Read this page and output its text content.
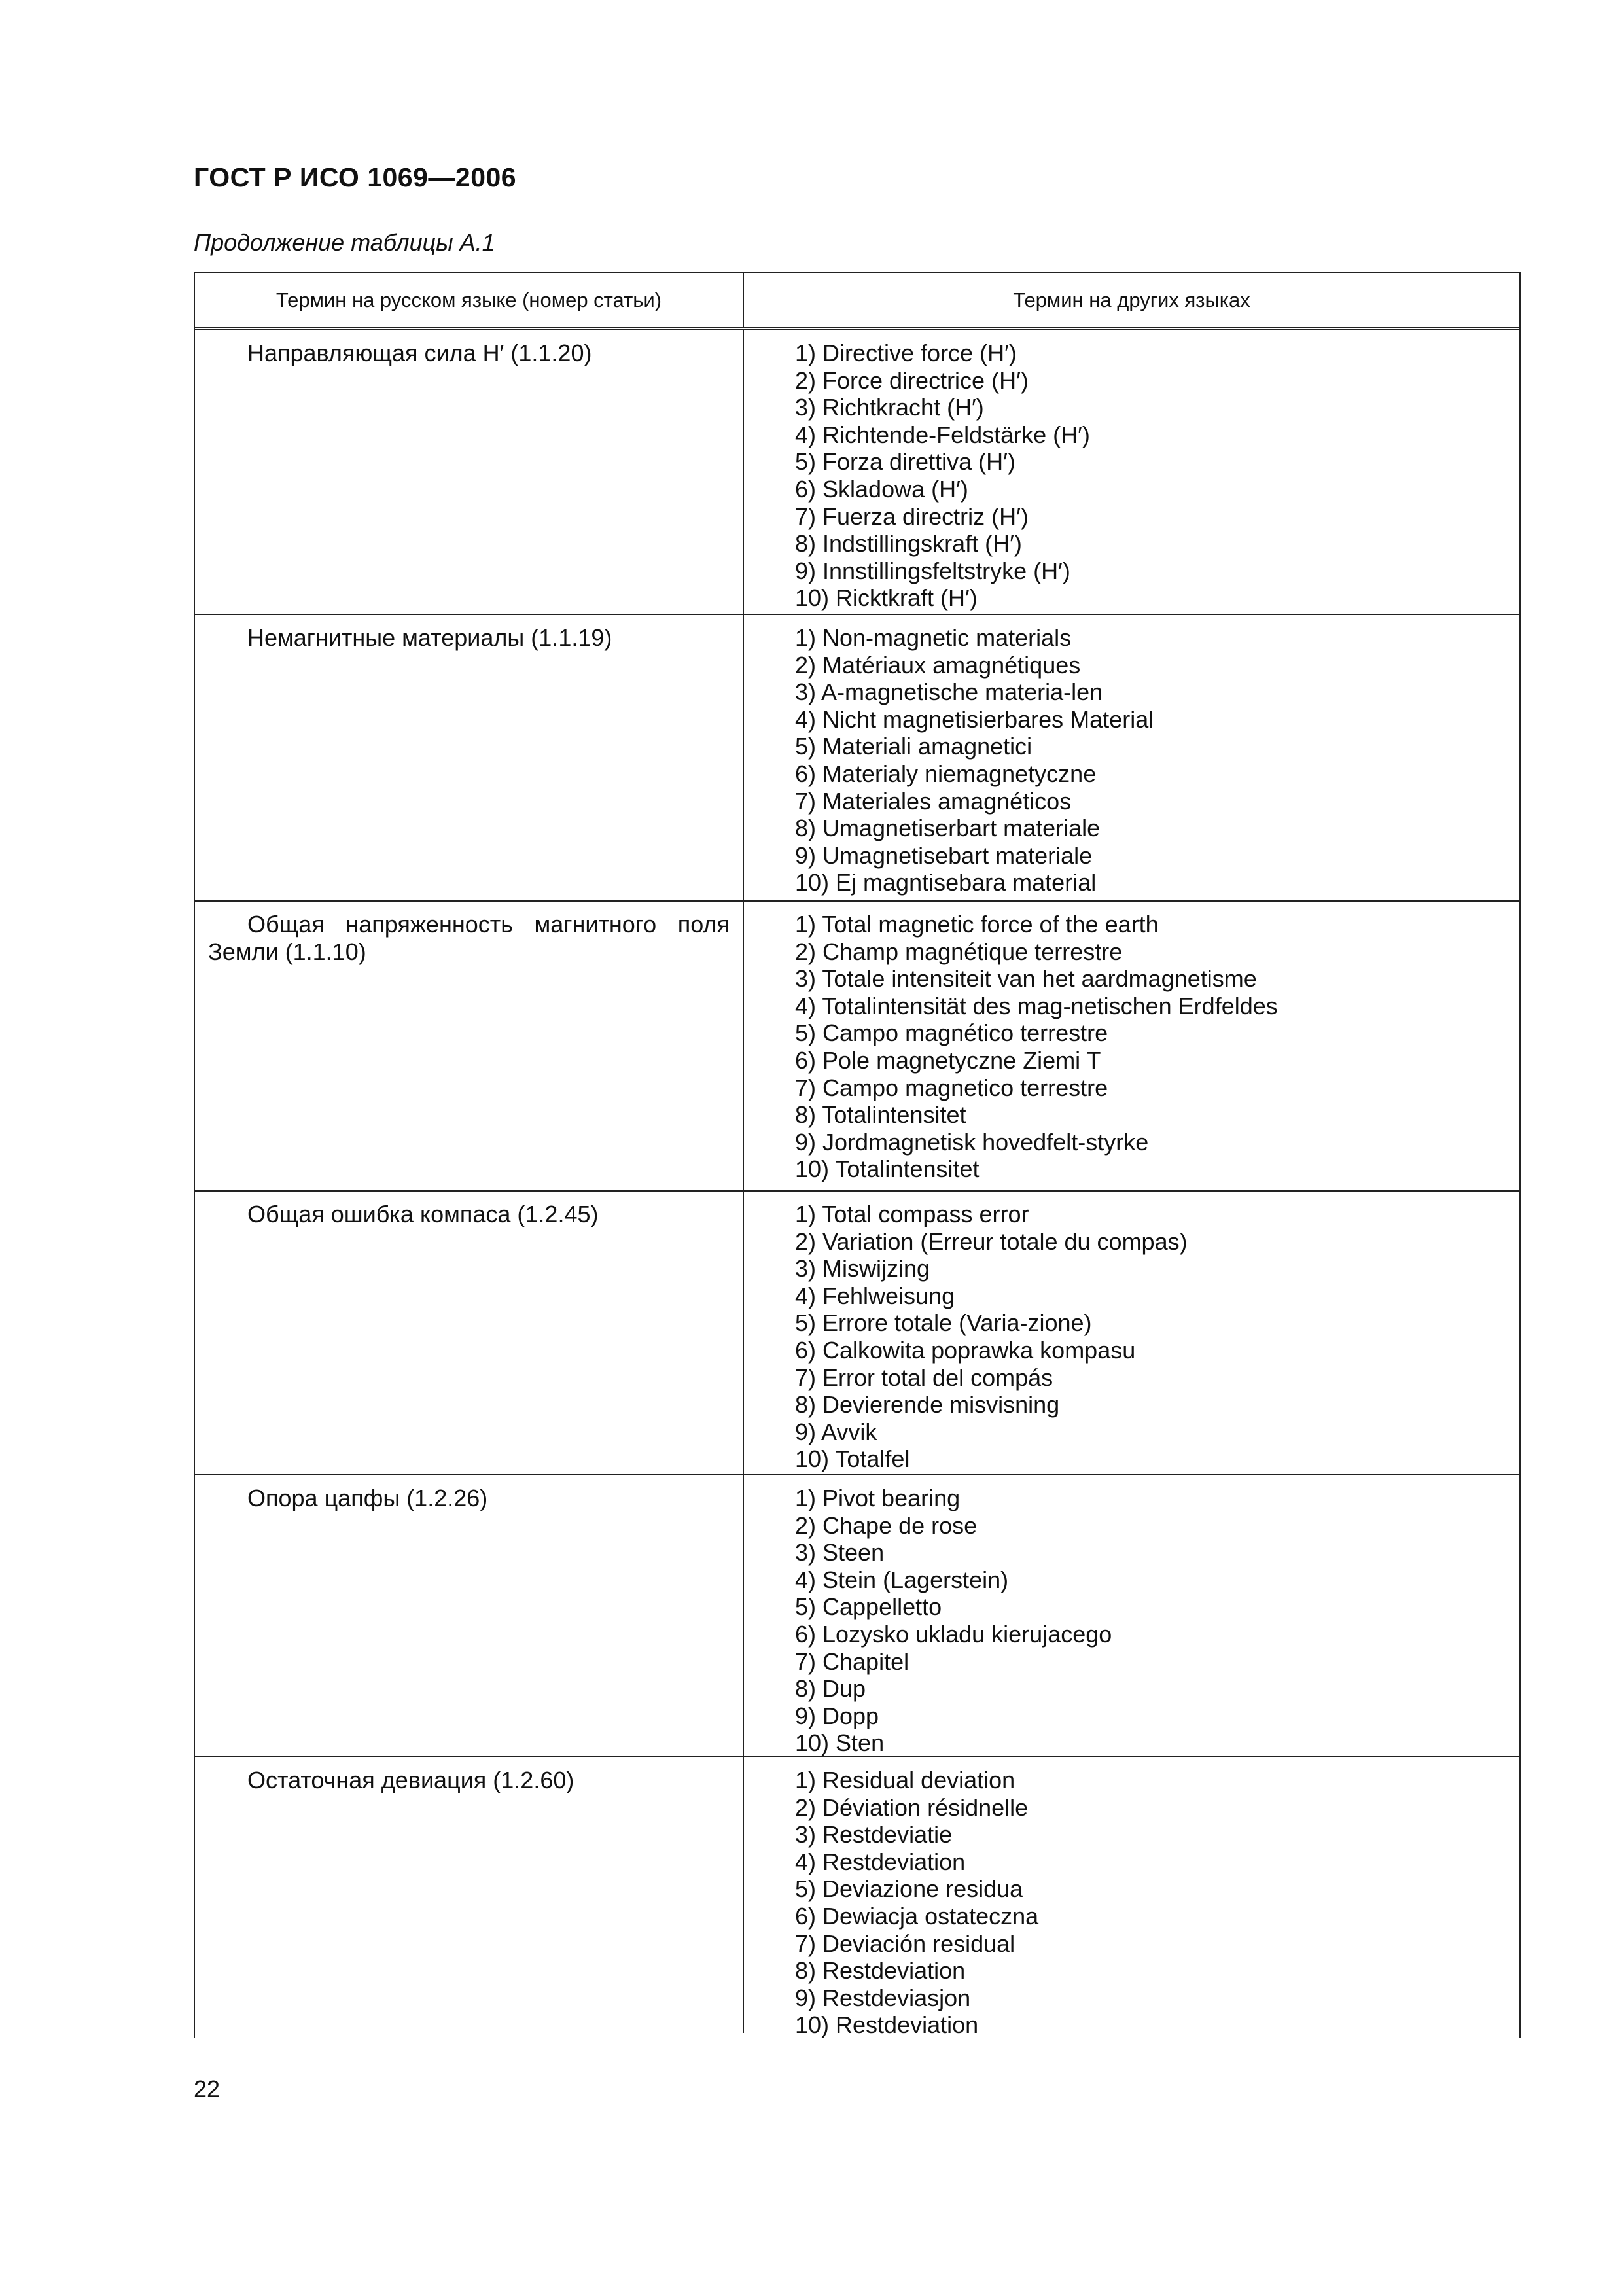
ГОСТ Р ИСО 1069—2006

Продолжение таблицы А.1

Термин на русском языке (номер статьи)	Термин на других языках
Направляющая сила H′ (1.1.20)	1) Directive force (H′)
2) Force directrice (H′)
3) Richtkracht (H′)
4) Richtende-Feldstärke (H′)
5) Forza direttiva (H′)
6) Skladowa (H′)
7) Fuerza directriz (H′)
8) Indstillingskraft (H′)
9) Innstillingsfeltstryke (H′)
10) Ricktkraft (H′)
Немагнитные материалы (1.1.19)	1) Non-magnetic materials
2) Matériaux amagnétiques
3) A-magnetische materia-len
4) Nicht magnetisierbares Material
5) Materiali amagnetici
6) Materialy niemagnetyczne
7) Materiales amagnéticos
8) Umagnetiserbart materiale
9) Umagnetisebart materiale
10) Ej magntisebara material
Общая напряженность магнитного поля Земли (1.1.10)
1) Total magnetic force of the earth
2) Champ magnétique terrestre
3) Totale intensiteit van het aardmagnetisme
4) Totalintensität des mag-netischen Erdfeldes
5) Campo magnético terrestre
6) Pole magnetyczne Ziemi T
7) Campo magnetico terrestre
8) Totalintensitet
9) Jordmagnetisk hovedfelt-styrke
10) Totalintensitet
Общая ошибка компаса (1.2.45)	1) Total compass error
2) Variation (Erreur totale du compas)
3) Miswijzing
4) Fehlweisung
5) Errore totale (Varia-zione)
6) Calkowita poprawka kompasu
7) Error total del compás
8) Devierende misvisning
9) Avvik
10) Totalfel
Опора цапфы (1.2.26)	1) Pivot bearing
2) Chape de rose
3) Steen
4) Stein (Lagerstein)
5) Cappelletto
6) Lozysko ukladu kierujacego
7) Chapitel
8) Dup
9) Dopp
10) Sten
Остаточная девиация (1.2.60)	1) Residual deviation
2) Déviation résidnelle
3) Restdeviatie
4) Restdeviation
5) Deviazione residua
6) Dewiacja ostateczna
7) Deviación residual
8) Restdeviation
9) Restdeviasjon
10) Restdeviation

22
